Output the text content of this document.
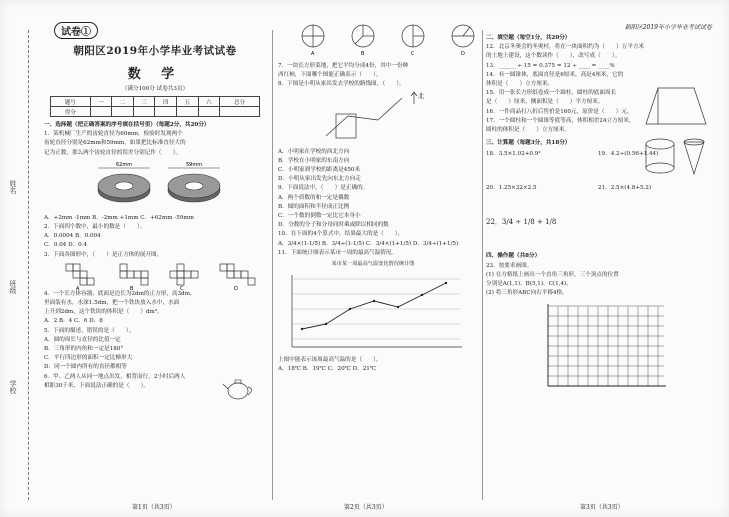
姓名
班级
学校
试卷①
朝阳区2019年小学毕业考试试卷
数 学
（满分100分 试卷共3页）
题号	一	二	三	四	五	六	总分
得分							
一、选择题（把正确答案的序号填在括号里）（每题2分，共20分）
1．某机械厂生产的齿轮直径为60mm，检验时发现两个
齿轮直径分别是62mm和59mm，如果把比标准直径大的
记为正数，那么两个齿轮直径的误差分别记作（　　）。
62mm	59mm
A．+2mm -1mm B．-2mm +1mm C．+62mm -59mm
2．下面四个数中，最小的数是（　　）。
A．0.0004 B．0.004
C．0.04 D．0.4
3．下面各图形中，（　　）是正方体的展开图。
A	B	C	D
4．一个长方体容器，底面是边长为2dm的正方形，高3dm，
里面装有水，水深1.5dm，把一个铁块放入水中，水面
上升到2dm，这个铁块的体积是（　　）dm³。
A．2 B．4 C．6 D．8
5．下面的描述，错误的是（　　）。
A．圆的周长与直径的比值一定
B．三角形的内角和一定是180°
C．平行四边形的面积一定比梯形大
D．同一个圆内所有的直径都相等
6．甲、乙两人从同一地点出发，相背而行，2小时后两人
相距30千米，下面说法正确的是（　　）。
A	B	C	D
7．一块长方形菜地，把它平均分成4份，其中一份种
西红柿，下面哪个图能正确表示（　　）。
8．下图是小明从家出发去学校的路线图，（　　）。
北
A．小明家在学校的西北方向
B．学校在小明家的东南方向
C．小明家到学校的距离是450米
D．小明从家出发先向东北方向走
9．下面说法中，（　　）是正确的。
A．两个质数的和一定是偶数
B．圆的面积和半径成正比例
C．一个数的倒数一定比它本身小
D．分数的分子和分母同时乘或除以相同的数
10．在下面的4个算式中，结果最大的是（　　）。
A．3/4×(1-1/5) B．3/4÷(1-1/5) C．3/4×(1+1/5) D．3/4÷(1+1/5)
11．下面统计图表示某市一周的最高气温情况。
某市某一周最高气温变化情况统计图
上图中能表示该周最高气温的是（　　）。
A．18℃ B．19℃ C．20℃ D．21℃
朝阳区2019年小学毕业考试试卷
二、填空题（每空1分，共20分）
12．北京冬奥会的冬奥村，将在一块面积约为（　　）万平方米
的土地上建设，这个数读作（　　），改写成（　　）。
13．______ ÷ 15 = 0.375 = 12 ÷ ____ = ____%
14．有一圆锥体，底面直径是6厘米，高是4厘米，它的
体积是（　　）立方厘米。
15．用一张长方形纸卷成一个圆柱，圆柱的底面周长
是（　　）厘米，侧面积是（　　）平方厘米。
16．一件商品打八折后售价是160元，原价是（　　）元。
17．一个圆柱和一个圆锥等底等高，体积相差24立方厘米，
圆柱的体积是（　　）立方厘米。
三、计算题（每题3分，共18分）
18．3.5×1.02+0.9²	19．4.2÷(0.56+1.44)
20．1.25×32×2.5	21．2.5×(4.8+5.2)
22．3/4 ÷ 1/8 + 1/8
四、操作题（共8分）
23．按要求画图。
(1) 在方格纸上画出一个直角三角形，三个顶点的位置
分别是A(1,1)、B(5,1)、C(1,4)。
(2) 将三角形ABC向右平移4格。
第1页（共3页）	第2页（共3页）	第3页（共3页）
